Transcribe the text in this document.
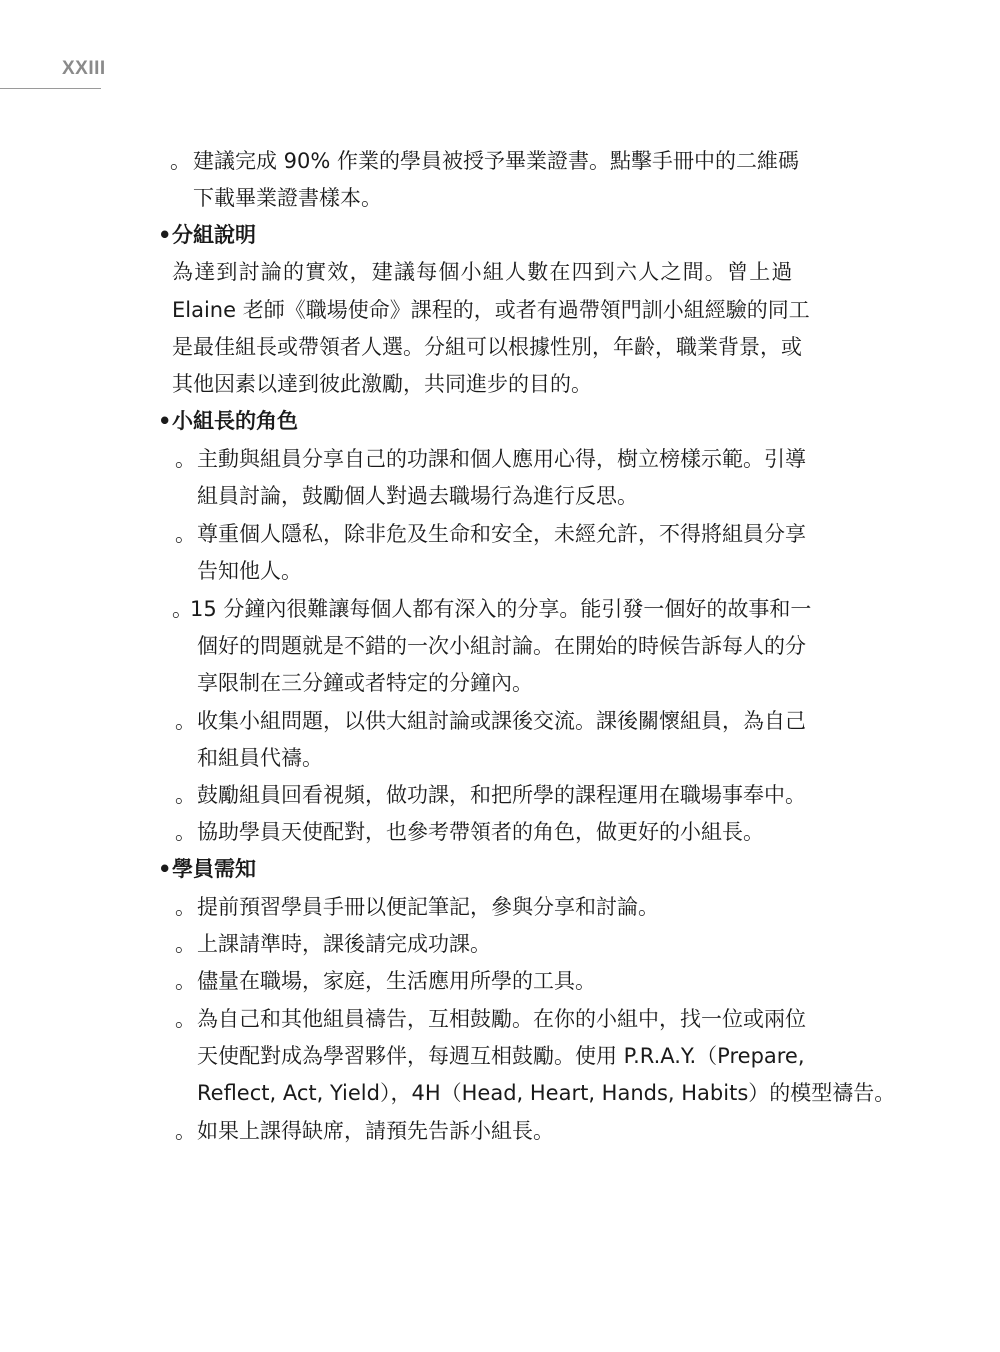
XXIII
。 建議完成 90% 作業的學員被授予畢業證書。點擊手冊中的二維碼
下載畢業證書樣本。
• 分組說明
為達到討論的實效，建議每個小組人數在四到六人之間。曾上過
Elaine 老師《職場使命》課程的，或者有過帶領門訓小組經驗的同工
是最佳組長或帶領者人選。分組可以根據性別，年齡，職業背景，或
其他因素以達到彼此激勵，共同進步的目的。
• 小組長的角色
。 主動與組員分享自己的功課和個人應用心得，樹立榜樣示範。引導
組員討論，鼓勵個人對過去職場行為進行反思。
。 尊重個人隱私，除非危及生命和安全，未經允許，不得將組員分享
告知他人。
。
15 分鐘內很難讓每個人都有深入的分享。能引發一個好的故事和一
個好的問題就是不錯的一次小組討論。在開始的時候告訴每人的分
享限制在三分鐘或者特定的分鐘內。
。 收集小組問題，以供大組討論或課後交流。課後關懷組員，為自己
和組員代禱。
。 鼓勵組員回看視頻，做功課，和把所學的課程運用在職場事奉中。
。 協助學員天使配對，也參考帶領者的角色，做更好的小組長。
• 學員需知
。 提前預習學員手冊以便記筆記，參與分享和討論。
。 上課請準時，課後請完成功課。
。 儘量在職場，家庭，生活應用所學的工具。
。 為自己和其他組員禱告，互相鼓勵。在你的小組中，找一位或兩位
天使配對成為學習夥伴，每週互相鼓勵。使用 P.R.A.Y.（Prepare,
Reflect, Act, Yield），4H（Head, Heart, Hands, Habits）的模型禱告。
。 如果上課得缺席，請預先告訴小組長。
